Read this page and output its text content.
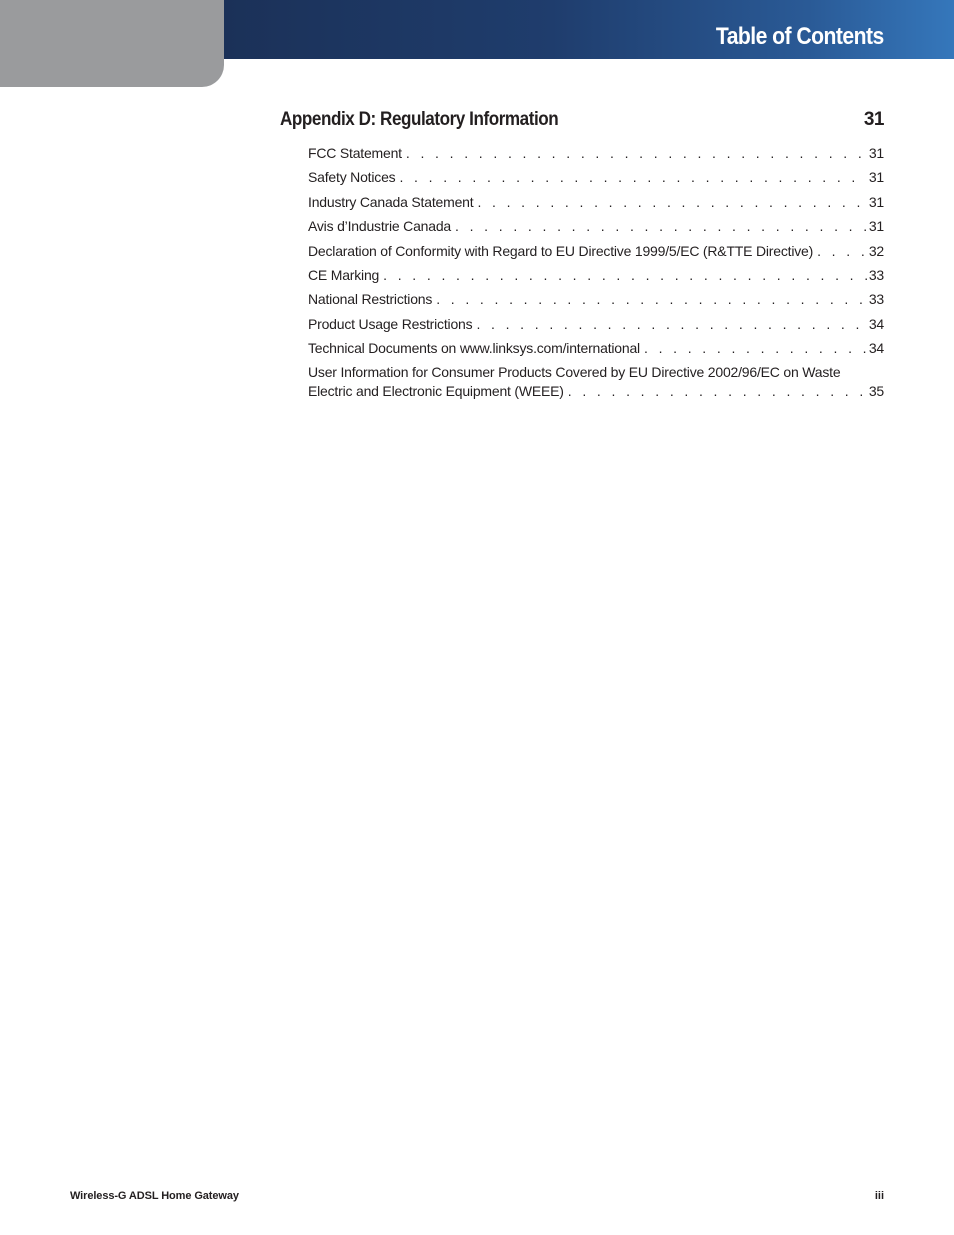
Table of Contents
Appendix D: Regulatory Information	31
FCC Statement . . .	31
Safety Notices . . .	31
Industry Canada Statement . . .	31
Avis d’Industrie Canada . . .	31
Declaration of Conformity with Regard to EU Directive 1999/5/EC (R&TTE Directive) . . .	32
CE Marking . . .	33
National Restrictions . . .	33
Product Usage Restrictions . . .	34
Technical Documents on www.linksys.com/international . . .	34
User Information for Consumer Products Covered by EU Directive 2002/96/EC on Waste
Electric and Electronic Equipment (WEEE) . . .	35
Wireless-G ADSL Home Gateway	iii
